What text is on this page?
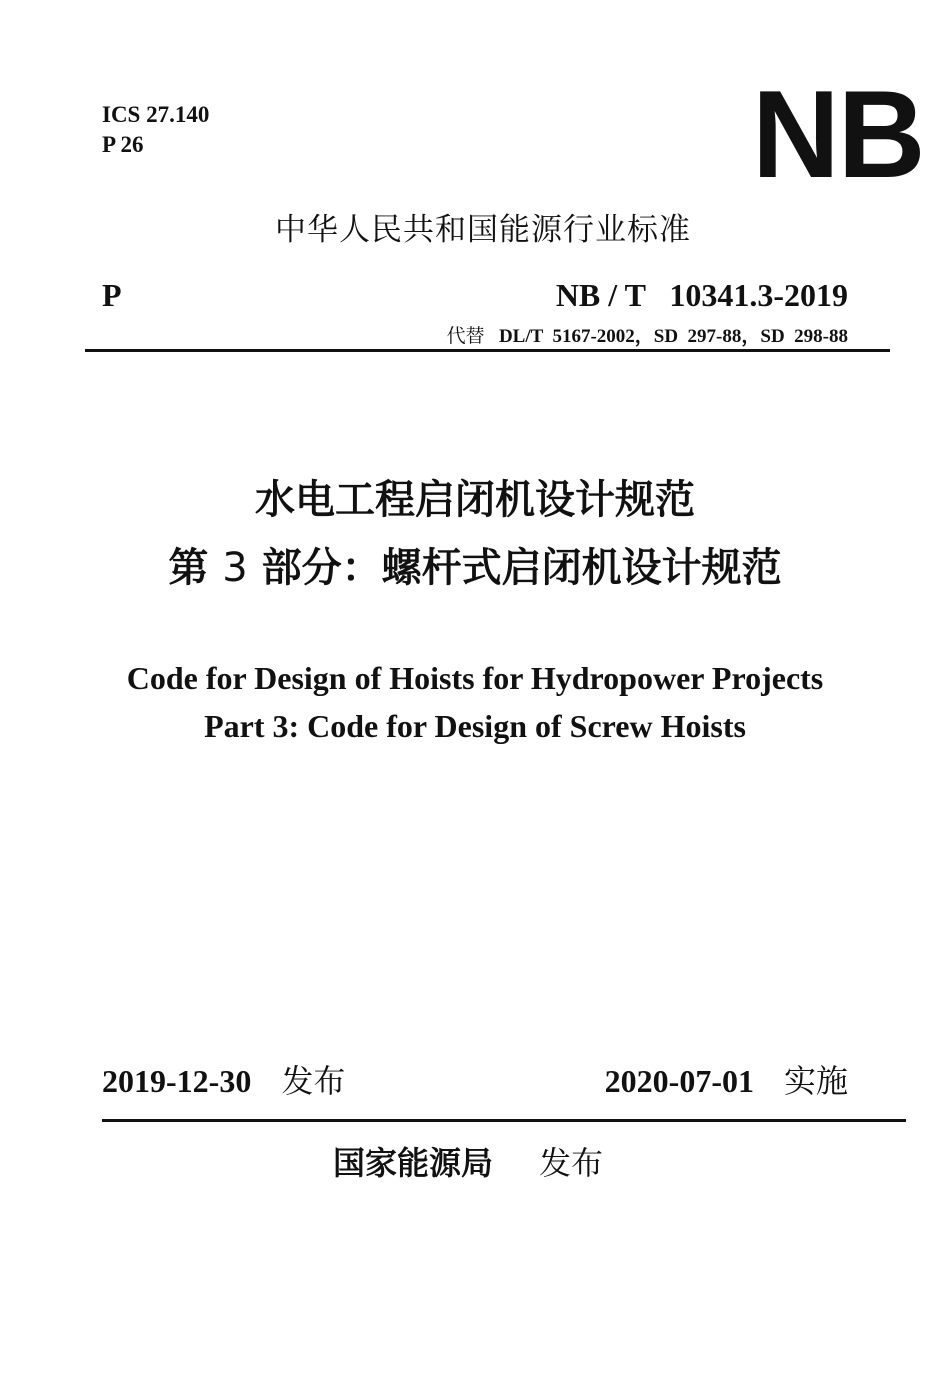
ICS 27.140
P 26	NB
中华人民共和国能源行业标准
P	NB / T   10341.3-2019
代替 DL/T  5167-2002，SD  297-88，SD  298-88
水电工程启闭机设计规范
第 3 部分：螺杆式启闭机设计规范
Code for Design of Hoists for Hydropower Projects
Part 3: Code for Design of Screw Hoists
2019-12-30 发布	2020-07-01 实施
国家能源局 发布
